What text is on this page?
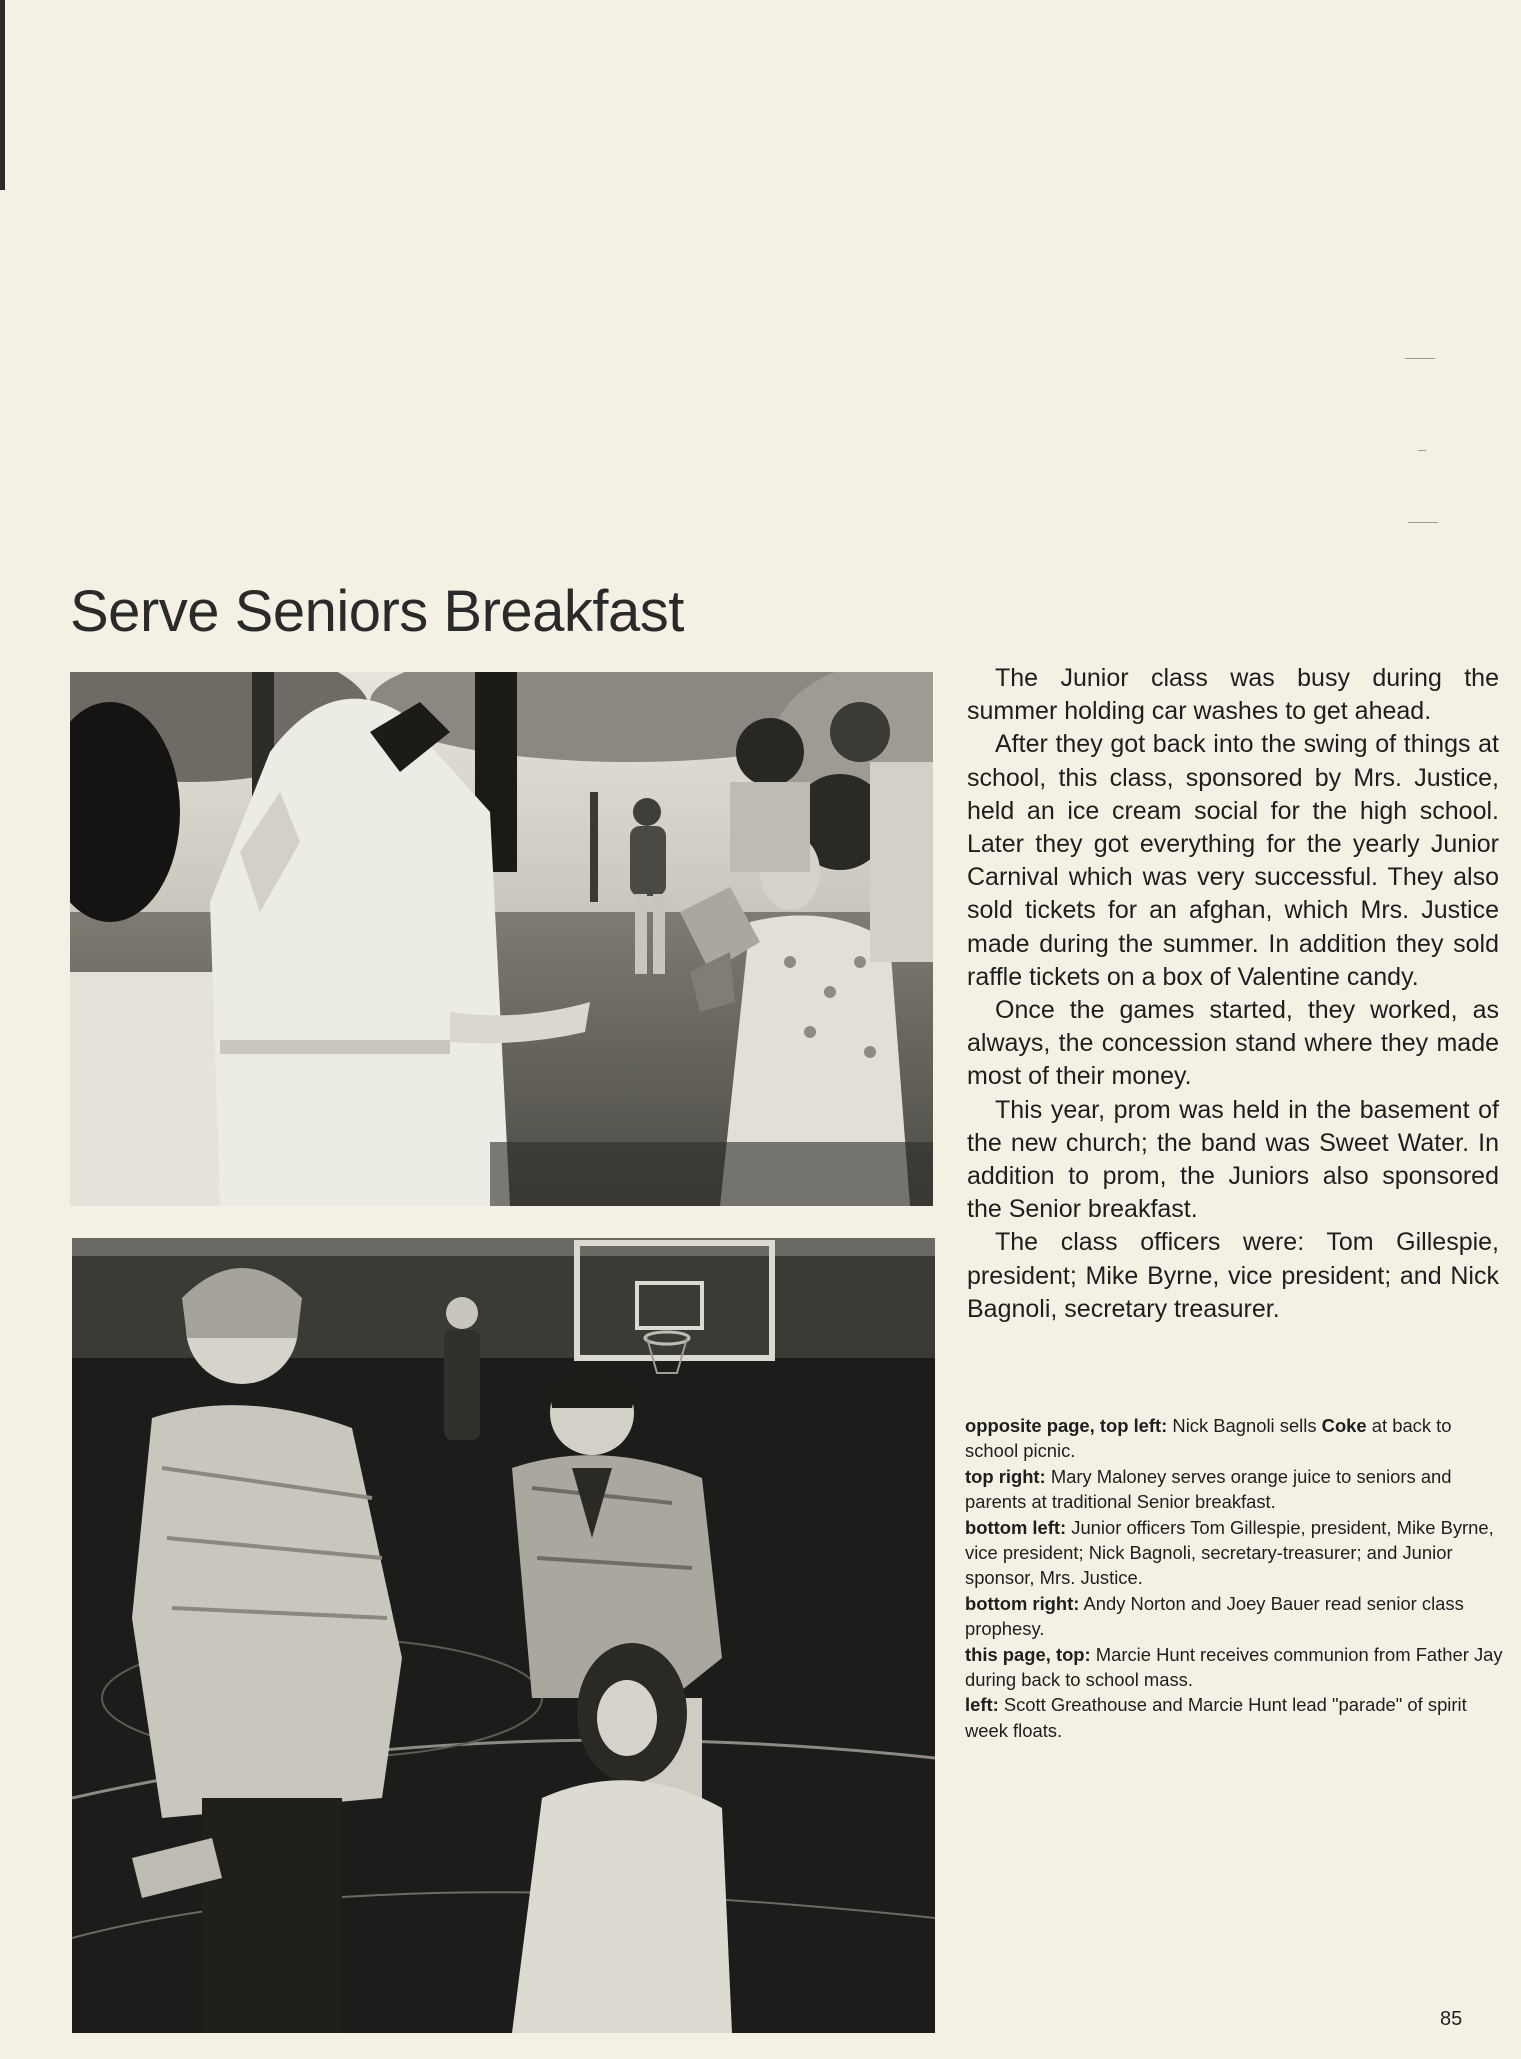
Serve Seniors Breakfast

The Junior class was busy during the summer holding car washes to get ahead.

After they got back into the swing of things at school, this class, sponsored by Mrs. Justice, held an ice cream social for the high school. Later they got everything for the yearly Junior Carnival which was very successful. They also sold tickets for an afghan, which Mrs. Justice made during the summer. In addition they sold raffle tickets on a box of Valentine candy.

Once the games started, they worked, as always, the concession stand where they made most of their money.

This year, prom was held in the basement of the new church; the band was Sweet Water. In addition to prom, the Juniors also sponsored the Senior breakfast.

The class officers were: Tom Gillespie, president; Mike Byrne, vice president; and Nick Bagnoli, secretary treasurer.

opposite page, top left: Nick Bagnoli sells Coke at back to school picnic.

top right: Mary Maloney serves orange juice to seniors and parents at traditional Senior breakfast.

bottom left: Junior officers Tom Gillespie, president, Mike Byrne, vice president; Nick Bagnoli, secretary-treasurer; and Junior sponsor, Mrs. Justice.

bottom right: Andy Norton and Joey Bauer read senior class prophesy.

this page, top: Marcie Hunt receives communion from Father Jay during back to school mass.

left: Scott Greathouse and Marcie Hunt lead "parade" of spirit week floats.

85
